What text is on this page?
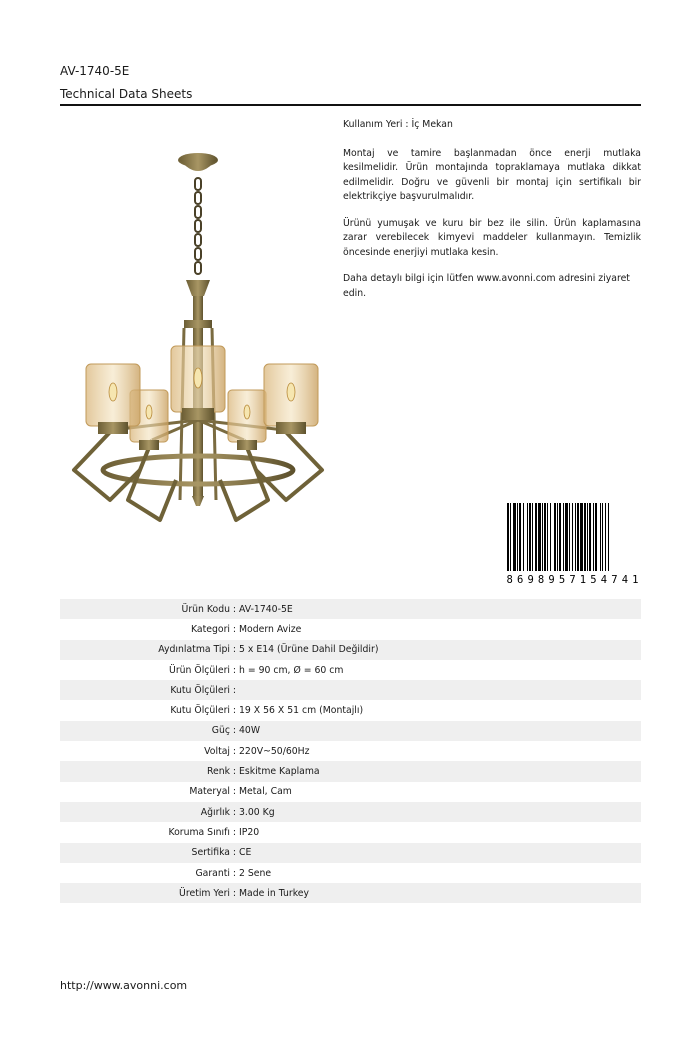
AV-1740-5E
Technical Data Sheets

Kullanım Yeri : İç Mekan

Montaj ve tamire başlanmadan önce enerji mutlaka kesilmelidir. Ürün montajında topraklamaya mutlaka dikkat edilmelidir. Doğru ve güvenli bir montaj için sertifikalı bir elektrikçiye başvurulmalıdır.

Ürünü yumuşak ve kuru bir bez ile silin. Ürün kaplamasına zarar verebilecek kimyevi maddeler kullanmayın. Temizlik öncesinde enerjiyi mutlaka kesin.

Daha detaylı bilgi için lütfen www.avonni.com adresini ziyaret edin.

8698957154741
Ürün Kodu : AV-1740-5E
Kategori : Modern Avize
Aydınlatma Tipi : 5 x E14 (Ürüne Dahil Değildir)
Ürün Ölçüleri : h = 90 cm, Ø = 60 cm
Kutu Ölçüleri :
Kutu Ölçüleri : 19 X 56 X 51 cm (Montajlı)
Güç : 40W
Voltaj : 220V~50/60Hz
Renk : Eskitme Kaplama
Materyal : Metal, Cam
Ağırlık : 3.00 Kg
Koruma Sınıfı : IP20
Sertifika : CE
Garanti : 2 Sene
Üretim Yeri : Made in Turkey
http://www.avonni.com
